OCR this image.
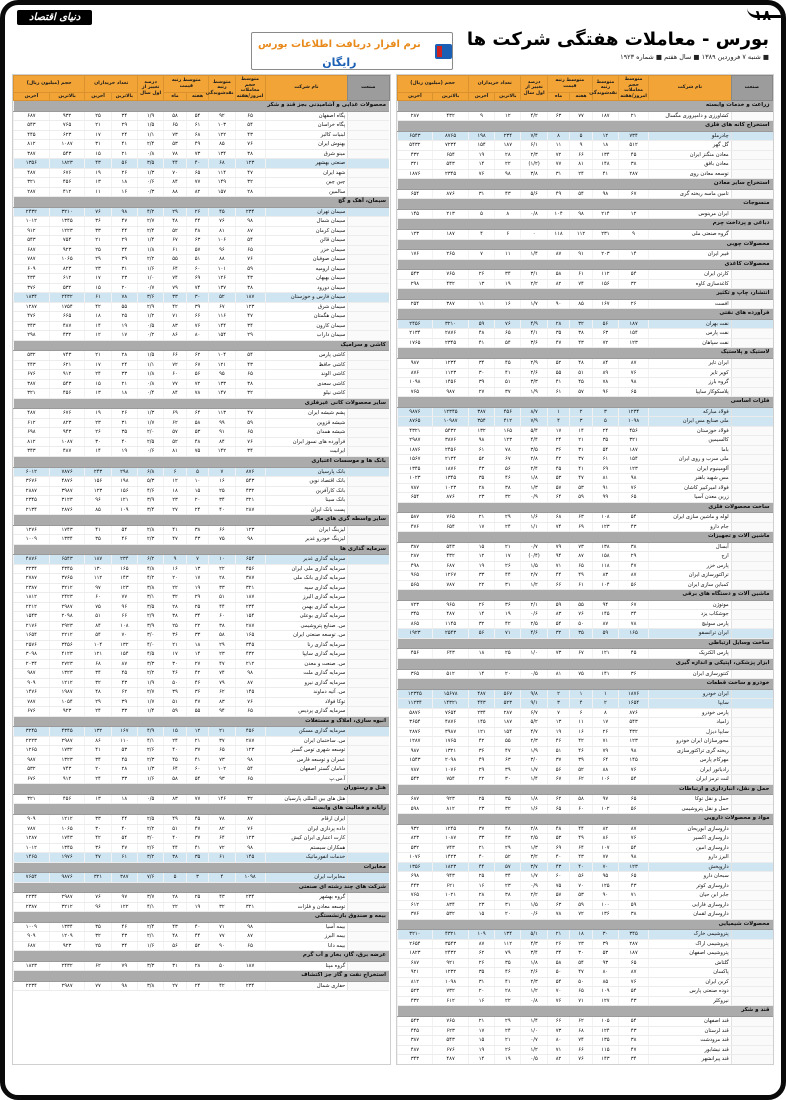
۱۸
دنیای اقتصاد
بورس - معاملات هفتگی شرکت ها
■ شنبه ۷ فروردین ۱۳۸۹ ■ سال هفتم ■ شماره ۱۹۲۳
نرم افزار دریافت اطلاعات بورس رایگان
صنعت	نام شرکت	متوسط حجم معاملات امروز/هفته	متوسط رتبه نقدشوندگی	متوسط رتبه قیمت		درصد تغییر از اول سال	تعداد خریداران		حجم (میلیون ریال)	
				هفته	ماه		بالاترین	آخرین	بالاترین	آخرین
زراعت و خدمات وابسته										
	کشاورزی و دامپروری مگسال	۲۱	۱۸۷	۷۷	۶۳	۴/۲	۱۲	۹	۴۳۲	۲۸۷
استخراج کانه های فلزی										
	چادرملو	۷۳۴	۱۲	۵	۸	۷/۴	۲۳۴	۱۹۸	۸۷۶۵	۶۵۴۳
	گل گهر	۵۱۲	۱۸	۹	۱۱	۶/۱	۱۸۷	۱۵۴	۷۲۳۴	۵۴۳۲
	معادن منگنز ایران	۴۵	۱۳۴	۶۶	۷۲	۲/۳	۲۸	۱۹	۶۵۴	۴۳۲
	معادن بافق	۳۸	۱۴۸	۸۱	۷۷	(۱/۲)	۲۲	۱۴	۵۴۳	۳۲۱
	توسعه معادن روی	۲۸۷	۴۱	۲۴	۳۱	۳/۸	۹۸	۷۶	۲۳۴۵	۱۸۷۶
استخراج سایر معادن										
	تامین ماسه ریخته گری	۶۷	۹۸	۵۴	۴۹	۵/۶	۴۳	۳۱	۸۷۶	۶۵۴
منسوجات										
	ایران مرینوس	۱۲	۲۱۴	۹۸	۱۰۴	۰/۸	۸	۵	۲۱۳	۱۴۵
دباغی و پرداخت چرم										
	گروه صنعتی ملی	۹	۲۳۱	۱۱۲	۱۱۸	۰	۶	۴	۱۸۷	۱۲۳
محصولات چوبی										
	فیبر ایران	۱۴	۲۰۳	۹۱	۸۷	۱/۴	۱۱	۷	۲۶۵	۱۷۶
محصولات کاغذی										
	کارتن ایران	۵۴	۱۱۲	۶۱	۵۸	۳/۱	۳۴	۲۶	۷۶۵	۵۴۳
	کاغذسازی کاوه	۳۲	۱۵۶	۷۴	۸۲	۲/۲	۱۹	۱۳	۴۳۲	۲۹۸
انتشار، چاپ و تکثیر										
	افست	۲۶	۱۶۷	۸۵	۹۰	۱/۷	۱۶	۱۱	۳۸۷	۲۵۴
فرآورده های نفتی										
	نفت بهران	۱۸۷	۵۶	۳۲	۲۸	۴/۹	۷۶	۵۹	۳۲۱۰	۲۴۵۶
	نفت پارس	۱۵۴	۶۳	۳۸	۳۵	۴/۱	۶۵	۴۸	۲۸۷۶	۲۱۳۴
	نفت سپاهان	۱۲۳	۷۲	۴۳	۴۷	۳/۶	۵۴	۴۱	۲۳۴۵	۱۷۶۵
لاستیک و پلاستیک										
	ایران تایر	۸۷	۸۴	۴۸	۵۲	۲/۹	۴۵	۳۴	۱۲۳۴	۹۸۷
	کویر تایر	۷۶	۸۹	۵۱	۵۵	۲/۶	۴۱	۳۰	۱۱۲۳	۸۷۶
	گروه بارز	۹۸	۷۸	۴۵	۴۱	۳/۳	۵۱	۳۹	۱۴۵۶	۱۰۹۸
	پلاسکوکار سایپا	۶۵	۹۶	۵۷	۶۱	۱/۹	۳۷	۲۷	۹۸۷	۷۶۵
فلزات اساسی										
	فولاد مبارکه	۱۲۳۴	۳	۲	۱	۸/۷	۴۵۶	۳۸۷	۱۲۳۴۵	۹۸۷۶
	ملی صنایع مس ایران	۱۰۹۸	۵	۳	۴	۷/۹	۴۱۲	۳۵۴	۱۰۹۸۷	۸۷۶۵
	فولاد خوزستان	۴۵۶	۲۴	۱۴	۱۷	۵/۴	۱۶۵	۱۳۲	۵۴۳۲	۴۳۲۱
	کالسیمین	۳۲۱	۳۵	۲۱	۲۴	۴/۴	۱۲۳	۹۸	۳۸۷۶	۲۹۸۷
	باما	۱۸۷	۵۴	۳۱	۳۶	۳/۵	۷۸	۶۱	۲۴۵۶	۱۸۷۶
	ملی سرب و روی ایران	۱۵۴	۶۱	۳۷	۴۲	۲/۸	۶۷	۵۲	۲۱۳۴	۱۵۶۷
	آلومینیوم ایران	۱۲۳	۶۹	۴۱	۴۵	۲/۴	۵۶	۴۳	۱۸۷۶	۱۳۴۵
	مس شهید باهنر	۹۸	۸۱	۴۷	۵۳	۱/۸	۴۶	۳۵	۱۳۴۵	۱۰۲۳
	فولاد امیرکبیر کاشان	۷۶	۹۱	۵۳	۵۷	۱/۳	۳۸	۲۸	۱۰۲۳	۷۸۷
	زرین معدن آسیا	۶۵	۹۹	۵۹	۶۴	۰/۹	۳۲	۲۳	۸۷۶	۶۵۴
ساخت محصولات فلزی										
	لوله و ماشین سازی ایران	۵۴	۱۰۸	۶۳	۶۸	۱/۶	۲۹	۲۱	۷۶۵	۵۸۷
	جام دارو	۴۳	۱۲۳	۶۹	۷۴	۱/۱	۲۴	۱۷	۶۵۴	۴۷۶
ماشین آلات و تجهیزات										
	آبسال	۳۸	۱۳۸	۷۳	۷۹	۰/۷	۲۱	۱۵	۵۴۳	۳۸۷
	ارج	۲۹	۱۵۸	۸۷	۹۴	(۰/۴)	۱۷	۱۲	۴۳۲	۲۸۷
	پارس خزر	۴۷	۱۱۸	۶۵	۷۱	۱/۵	۲۶	۱۹	۶۸۷	۴۹۸
	تراکتورسازی ایران	۸۷	۸۳	۴۹	۴۴	۲/۷	۴۴	۳۳	۱۲۶۷	۹۶۵
	کمباین سازی ایران	۵۶	۱۰۴	۶۱	۶۶	۱/۲	۳۱	۲۲	۷۸۷	۵۶۵
ماشین آلات و دستگاه های برقی										
	موتوژن	۶۷	۹۴	۵۵	۵۹	۲/۱	۳۶	۲۶	۹۶۵	۷۲۳
	جوشکاب یزد	۳۴	۱۴۵	۷۶	۸۳	۰/۶	۱۹	۱۴	۴۸۷	۳۴۵
	پارس سوئیچ	۷۸	۸۷	۵۰	۵۴	۲/۵	۴۲	۳۲	۱۱۴۵	۸۶۵
	ایران ترانسفو	۱۶۵	۵۹	۳۵	۳۲	۴/۶	۷۱	۵۶	۲۵۴۳	۱۹۲۳
ساخت وسایل ارتباطی										
	پارس الکتریک	۴۵	۱۲۱	۶۷	۷۳	۱/۰	۲۵	۱۸	۶۴۳	۴۵۶
ابزار پزشکی، اپتیکی و اندازه گیری										
	کنتورسازی ایران	۳۶	۱۴۱	۷۵	۸۱	۰/۵	۲۰	۱۴	۵۱۲	۳۶۵
خودرو و ساخت قطعات										
	ایران خودرو	۱۸۷۶	۱	۱	۲	۹/۸	۵۶۷	۴۸۷	۱۵۶۷۸	۱۲۳۴۵
	سایپا	۱۶۵۴	۲	۴	۳	۹/۱	۵۲۳	۴۴۳	۱۴۳۲۱	۱۱۲۳۴
	پارس خودرو	۸۷۶	۸	۶	۷	۶/۷	۲۸۷	۲۳۴	۷۶۵۴	۵۸۷۶
	زامیاد	۵۴۳	۱۷	۱۱	۱۳	۵/۲	۱۸۷	۱۴۵	۴۸۷۶	۳۶۵۴
	سایپا دیزل	۴۳۲	۲۶	۱۶	۱۹	۴/۷	۱۵۴	۱۲۱	۳۹۸۷	۲۸۷۶
	محورسازان ایران خودرو	۱۲۳	۷۱	۴۲	۴۶	۲/۳	۵۵	۴۲	۱۷۶۵	۱۲۸۷
	ریخته گری تراکتورسازی	۹۸	۷۹	۴۶	۵۱	۱/۹	۴۷	۳۶	۱۳۲۱	۹۸۷
	مهرکام پارس	۱۴۵	۶۴	۳۹	۳۷	۳/۰	۶۳	۴۹	۲۰۹۸	۱۵۴۳
	رادیاتور ایران	۷۶	۸۸	۵۲	۵۶	۱/۷	۳۹	۲۹	۱۰۷۶	۷۸۷
	لنت ترمز ایران	۵۴	۱۰۶	۶۲	۶۷	۱/۴	۳۰	۲۲	۷۵۴	۵۴۳
حمل و نقل، انبارداری و ارتباطات										
	حمل و نقل توکا	۶۵	۹۷	۵۸	۶۲	۱/۸	۳۵	۲۵	۹۲۳	۶۸۷
	حمل و نقل پتروشیمی	۵۶	۱۰۲	۶۰	۶۵	۱/۶	۳۲	۲۳	۸۱۲	۵۹۸
مواد و محصولات دارویی										
	داروسازی ابوریحان	۸۷	۸۲	۴۴	۴۸	۲/۸	۴۸	۳۷	۱۲۴۵	۹۳۲
	داروسازی اکسیر	۷۶	۸۶	۴۹	۵۳	۲/۵	۴۳	۳۳	۱۰۸۷	۸۲۳
	داروسازی امین	۵۴	۱۰۷	۶۴	۶۹	۱/۳	۲۹	۲۱	۷۴۳	۵۳۲
	البرز دارو	۹۸	۷۷	۴۳	۴۰	۳/۲	۵۲	۴۰	۱۴۲۳	۱۰۷۶
	داروپخش	۱۲۳	۷۰	۴۰	۴۳	۳/۷	۵۷	۴۴	۱۸۲۳	۱۳۵۶
	سبحان دارو	۶۵	۹۵	۵۶	۶۰	۱/۷	۳۴	۲۵	۹۴۳	۶۹۸
	داروسازی کوثر	۴۳	۱۲۵	۷۰	۷۵	۰/۹	۲۳	۱۶	۶۲۱	۴۴۳
	جابر ابن حیان	۷۱	۹۰	۵۳	۵۷	۲/۲	۳۸	۲۸	۱۰۲۱	۷۶۵
	داروسازی فارابی	۵۹	۱۰۰	۵۹	۶۳	۱/۵	۳۱	۲۳	۸۳۴	۶۱۲
	داروسازی لقمان	۳۸	۱۳۶	۷۲	۷۸	۰/۶	۲۰	۱۵	۵۳۲	۳۷۶
محصولات شیمیایی										
	پتروشیمی خارک	۳۴۵	۳۰	۱۸	۲۱	۵/۱	۱۳۴	۱۰۹	۴۳۲۱	۳۲۱۰
	پتروشیمی اراک	۲۸۷	۳۹	۲۳	۲۶	۴/۳	۱۱۲	۸۷	۳۵۴۳	۲۶۵۴
	پتروشیمی اصفهان	۱۸۷	۵۳	۳۰	۳۴	۳/۴	۷۹	۶۲	۲۴۳۲	۱۸۲۳
	گلتاش	۶۵	۹۳	۵۴	۵۸	۱/۸	۳۵	۲۶	۹۲۱	۶۸۷
	پاکسان	۸۷	۸۰	۴۷	۵۰	۲/۶	۴۶	۳۵	۱۲۳۲	۹۲۱
	کربن ایران	۷۶	۸۵	۵۰	۵۴	۲/۳	۴۱	۳۱	۱۰۹۸	۸۱۲
	دوده صنعتی پارس	۵۴	۱۰۹	۶۵	۷۰	۱/۲	۲۸	۲۰	۷۳۲	۵۲۳
	نیروکلر	۴۳	۱۲۷	۷۱	۷۶	۰/۸	۲۲	۱۶	۶۱۲	۴۳۲
قند و شکر										
	قند اصفهان	۵۴	۱۰۵	۶۲	۶۶	۱/۴	۲۹	۲۱	۷۶۵	۵۴۳
	قند لرستان	۴۳	۱۲۴	۶۸	۷۳	۱/۰	۲۴	۱۷	۶۲۳	۴۴۵
	قند مرودشت	۳۸	۱۳۵	۷۴	۸۰	۰/۷	۲۱	۱۵	۵۴۳	۳۸۷
	قند نیشابور	۴۷	۱۱۵	۶۶	۷۱	۱/۲	۲۶	۱۹	۶۷۶	۴۸۷
	قند پیرانشهر	۳۴	۱۴۳	۷۶	۸۲	۰/۵	۱۹	۱۴	۴۸۷	۳۴۳
صنعت	نام شرکت	متوسط حجم معاملات امروز/هفته	متوسط رتبه نقدشوندگی	متوسط رتبه قیمت		درصد تغییر از اول سال	تعداد خریداران		حجم (میلیون ریال)	
				هفته	ماه		بالاترین	آخرین	بالاترین	آخرین
محصولات غذایی و آشامیدنی بجز قند و شکر										
	پگاه اصفهان	۶۵	۹۲	۵۴	۵۸	۱/۹	۳۴	۲۵	۹۳۲	۶۸۷
	پگاه خراسان	۵۴	۱۰۳	۶۱	۶۵	۱/۵	۲۹	۲۱	۷۶۵	۵۴۳
	لبنیات کالبر	۴۳	۱۲۲	۶۸	۷۳	۱/۱	۲۴	۱۷	۶۲۳	۴۴۵
	بهنوش ایران	۷۶	۸۵	۴۹	۵۳	۲/۴	۴۱	۳۱	۱۰۸۷	۸۱۲
	مینو شرق	۳۸	۱۳۴	۷۳	۷۸	۰/۸	۲۱	۱۵	۵۴۳	۳۸۷
	صنعتی بهشهر	۱۲۳	۶۸	۴۰	۴۴	۳/۵	۵۶	۴۳	۱۸۲۳	۱۳۵۶
	شهد ایران	۴۷	۱۱۴	۶۵	۷۰	۱/۳	۲۶	۱۹	۶۷۶	۴۸۷
	چین چین	۳۲	۱۴۹	۷۷	۸۴	۰/۶	۱۸	۱۳	۴۵۶	۳۲۱
	سالمین	۲۸	۱۵۷	۸۲	۸۸	۰/۳	۱۶	۱۱	۴۱۲	۲۸۷
سیمان، آهک و گچ										
	سیمان تهران	۲۳۴	۴۵	۲۶	۲۹	۴/۲	۹۸	۷۶	۳۲۱۰	۲۴۳۲
	سیمان شمال	۹۸	۷۶	۴۴	۴۸	۲/۷	۴۷	۳۶	۱۳۴۵	۱۰۱۲
	سیمان کرمان	۸۷	۸۱	۴۸	۵۲	۲/۴	۴۴	۳۳	۱۲۲۳	۹۱۲
	سیمان قائن	۵۴	۱۰۶	۶۳	۶۷	۱/۴	۲۹	۲۱	۷۵۴	۵۴۳
	سیمان خزر	۶۵	۹۶	۵۷	۶۱	۱/۸	۳۴	۲۵	۹۲۳	۶۸۷
	سیمان صوفیان	۷۶	۸۸	۵۱	۵۵	۲/۲	۳۹	۲۹	۱۰۶۵	۷۸۷
	سیمان ارومیه	۵۹	۱۰۱	۶۰	۶۴	۱/۶	۳۱	۲۳	۸۲۳	۶۰۹
	سیمان بهبهان	۴۳	۱۲۶	۶۹	۷۴	۱/۰	۲۳	۱۷	۶۱۲	۴۳۴
	سیمان دورود	۳۸	۱۳۷	۷۴	۷۹	۰/۷	۲۰	۱۵	۵۳۲	۳۷۶
	سیمان فارس و خوزستان	۱۸۷	۵۲	۳۰	۳۳	۳/۶	۷۸	۶۱	۲۴۳۲	۱۸۳۴
	سیمان شرق	۱۲۳	۶۷	۳۹	۴۲	۲/۹	۵۵	۴۲	۱۷۵۴	۱۲۸۷
	سیمان هگمتان	۴۷	۱۱۶	۶۶	۷۱	۱/۲	۲۵	۱۸	۶۶۵	۴۷۶
	سیمان کارون	۳۴	۱۴۴	۷۶	۸۳	۰/۵	۱۹	۱۴	۴۸۷	۳۴۳
	سیمان داراب	۲۹	۱۵۴	۸۰	۸۶	۰/۲	۱۷	۱۲	۴۳۲	۲۹۸
کاشی و سرامیک										
	کاشی پارس	۵۴	۱۰۴	۶۲	۶۶	۱/۵	۲۸	۲۱	۷۴۳	۵۳۲
	کاشی حافظ	۴۳	۱۲۱	۶۷	۷۲	۱/۱	۲۴	۱۷	۶۲۱	۴۴۳
	کاشی الوند	۶۵	۹۵	۵۶	۶۰	۱/۸	۳۳	۲۴	۹۱۲	۶۷۶
	کاشی سعدی	۳۸	۱۳۳	۷۲	۷۷	۰/۸	۲۱	۱۵	۵۴۳	۳۸۷
	کاشی نیلو	۳۲	۱۴۷	۷۸	۸۴	۰/۴	۱۸	۱۳	۴۵۶	۳۲۱
سایر محصولات کانی غیرفلزی										
	پشم شیشه ایران	۴۷	۱۱۳	۶۴	۶۹	۱/۳	۲۶	۱۹	۶۷۶	۴۸۷
	شیشه قزوین	۵۹	۹۹	۵۸	۶۲	۱/۷	۳۱	۲۳	۸۲۳	۶۱۲
	شیشه همدان	۶۵	۹۱	۵۳	۵۷	۲/۰	۳۵	۲۶	۹۴۳	۶۹۸
	فرآورده های نسوز ایران	۷۶	۸۴	۴۸	۵۲	۲/۵	۴۰	۳۰	۱۰۸۷	۸۱۲
	ایرانیت	۳۴	۱۴۲	۷۵	۸۱	۰/۶	۱۹	۱۴	۴۸۷	۳۴۳
بانک ها و موسسات اعتباری										
	بانک پارسیان	۸۷۶	۷	۵	۶	۶/۸	۲۹۸	۲۴۳	۷۸۷۶	۶۰۱۲
	بانک اقتصاد نوین	۵۴۳	۱۶	۱۰	۱۲	۵/۳	۱۹۸	۱۵۶	۴۸۷۶	۳۶۷۶
	بانک کارآفرین	۴۳۲	۲۵	۱۵	۱۸	۴/۶	۱۵۶	۱۲۳	۳۹۸۷	۲۸۸۷
	بانک سینا	۳۲۱	۳۴	۲۰	۲۳	۳/۹	۱۲۱	۹۶	۳۱۲۳	۲۳۴۵
	پست بانک ایران	۲۸۷	۴۰	۲۴	۲۷	۳/۴	۱۰۹	۸۵	۲۸۷۶	۲۱۳۴
سایر واسطه گری های مالی										
	لیزینگ ایران	۱۲۳	۶۶	۳۸	۴۱	۲/۸	۵۴	۴۱	۱۷۴۳	۱۲۷۶
	لیزینگ خودرو غدیر	۹۸	۷۵	۴۳	۴۷	۲/۳	۴۶	۳۵	۱۳۳۴	۱۰۰۹
سرمایه گذاری ها										
	سرمایه گذاری غدیر	۶۵۴	۱۰	۷	۹	۶/۲	۲۳۴	۱۸۷	۶۵۴۳	۴۸۷۶
	سرمایه گذاری ملی ایران	۴۵۶	۲۲	۱۳	۱۶	۴/۸	۱۶۵	۱۳۰	۴۳۴۵	۳۲۳۴
	سرمایه گذاری بانک ملی	۳۸۷	۲۸	۱۷	۲۰	۴/۲	۱۴۳	۱۱۲	۳۷۶۵	۲۷۸۷
	سرمایه گذاری سپه	۳۲۱	۳۳	۱۹	۲۲	۳/۸	۱۲۳	۹۷	۳۲۱۲	۲۳۸۷
	سرمایه گذاری البرز	۱۸۷	۵۱	۲۹	۳۲	۳/۱	۷۷	۶۰	۲۴۲۳	۱۸۱۲
	سرمایه گذاری بهمن	۲۳۴	۴۴	۲۵	۲۸	۳/۵	۹۶	۷۵	۲۹۸۷	۲۲۱۲
	سرمایه گذاری بوعلی	۱۵۴	۶۰	۳۴	۳۸	۲/۹	۶۶	۵۱	۲۰۹۸	۱۵۴۳
	س. صنایع پتروشیمی	۲۸۷	۳۸	۲۲	۲۵	۳/۹	۱۰۸	۸۴	۲۹۲۳	۲۱۷۶
	س. توسعه صنعتی ایران	۱۶۵	۵۸	۳۳	۳۶	۳/۰	۷۰	۵۴	۲۲۱۲	۱۶۵۴
	سرمایه گذاری رنا	۳۴۵	۲۹	۱۸	۲۱	۴/۰	۱۳۲	۱۰۴	۳۴۵۶	۲۵۷۶
	سرمایه گذاری سایپا	۴۳۲	۲۳	۱۴	۱۷	۴/۵	۱۵۴	۱۲۱	۴۱۲۳	۳۰۹۸
	س. صنعت و معدن	۲۱۲	۴۷	۲۷	۳۰	۳/۳	۸۷	۶۸	۲۷۲۳	۲۰۳۴
	سرمایه گذاری ملت	۹۸	۷۴	۴۲	۴۶	۲/۲	۴۵	۳۴	۱۳۲۳	۹۸۷
	سرمایه گذاری نیرو	۸۷	۷۹	۴۶	۵۰	۱/۹	۴۳	۳۲	۱۲۱۲	۹۰۹
	س. آتیه دماوند	۱۴۵	۶۲	۳۶	۳۹	۲/۷	۶۲	۴۸	۱۹۸۷	۱۴۷۶
	توکا فولاد	۷۶	۸۳	۴۷	۵۱	۱/۷	۳۹	۲۹	۱۰۵۴	۷۸۷
	سرمایه گذاری پردیس	۶۵	۹۴	۵۵	۵۹	۱/۴	۳۳	۲۴	۹۲۳	۶۷۶
انبوه سازی، املاک و مستغلات										
	سرمایه گذاری مسکن	۴۵۶	۲۱	۱۲	۱۵	۴/۹	۱۶۷	۱۳۲	۴۳۴۵	۳۲۴۵
	س. ساختمان ایران	۲۸۷	۳۷	۲۱	۲۴	۴/۱	۱۱۰	۸۶	۲۹۸۷	۲۲۲۳
	توسعه شهری توس گستر	۱۲۳	۶۵	۳۷	۴۰	۲/۶	۵۳	۴۱	۱۷۳۲	۱۲۶۵
	عمران و توسعه فارس	۹۸	۷۳	۴۱	۴۵	۲/۳	۴۵	۳۴	۱۳۲۳	۹۸۷
	سامان گستر اصفهان	۵۴	۱۰۲	۶۰	۶۴	۱/۳	۲۸	۲۰	۷۴۳	۵۳۲
	آ.س.پ	۶۵	۹۳	۵۴	۵۸	۱/۶	۳۳	۲۴	۹۱۲	۶۷۶
هتل و رستوران										
	هتل های بین المللی پارسیان	۳۲	۱۴۶	۷۷	۸۳	۰/۵	۱۸	۱۳	۴۵۶	۳۲۱
رایانه و فعالیت های وابسته										
	ایران ارقام	۸۷	۷۸	۴۵	۴۹	۲/۵	۴۴	۳۳	۱۲۱۲	۹۰۹
	داده پردازی ایران	۷۶	۸۲	۴۷	۵۱	۲/۲	۴۰	۳۰	۱۰۶۵	۷۸۷
	کارت اعتباری ایران کیش	۱۲۳	۶۴	۳۷	۴۰	۳/۰	۵۴	۴۲	۱۷۴۳	۱۲۸۷
	همکاران سیستم	۹۸	۷۲	۴۱	۴۴	۲/۶	۴۷	۳۶	۱۳۴۵	۱۰۱۲
	خدمات انفورماتیک	۱۴۵	۶۱	۳۵	۳۸	۳/۲	۶۱	۴۷	۱۹۷۶	۱۴۶۵
مخابرات										
	مخابرات ایران	۱۰۹۸	۴	۳	۵	۷/۶	۳۸۷	۳۲۱	۹۸۷۶	۷۶۵۴
شرکت های چند رشته ای صنعتی										
	گروه بهشهر	۲۳۴	۴۳	۲۵	۲۸	۳/۷	۹۷	۷۶	۲۹۸۷	۲۲۳۴
	توسعه معادن و فلزات	۳۲۱	۳۲	۱۹	۲۲	۴/۱	۱۲۲	۹۶	۳۲۱۲	۲۳۸۷
بیمه و صندوق بازنشستگی										
	بیمه آسیا	۹۸	۷۱	۴۰	۴۳	۲/۴	۴۶	۳۵	۱۳۳۴	۱۰۰۹
	بیمه البرز	۸۷	۷۷	۴۴	۴۸	۲/۱	۴۳	۳۲	۱۲۰۹	۹۰۹
	بیمه دانا	۶۵	۹۰	۵۲	۵۶	۱/۶	۳۴	۲۵	۹۲۳	۶۸۷
عرضه برق، گاز، بخار و آب گرم										
	گروه مپنا	۱۸۷	۵۰	۲۸	۳۱	۳/۳	۷۹	۶۲	۲۴۳۲	۱۸۲۳
استخراج نفت و گاز جز اکتشاف										
	حفاری شمال	۲۳۴	۴۲	۲۴	۲۷	۳/۸	۹۸	۷۷	۲۹۸۷	۲۲۳۴
